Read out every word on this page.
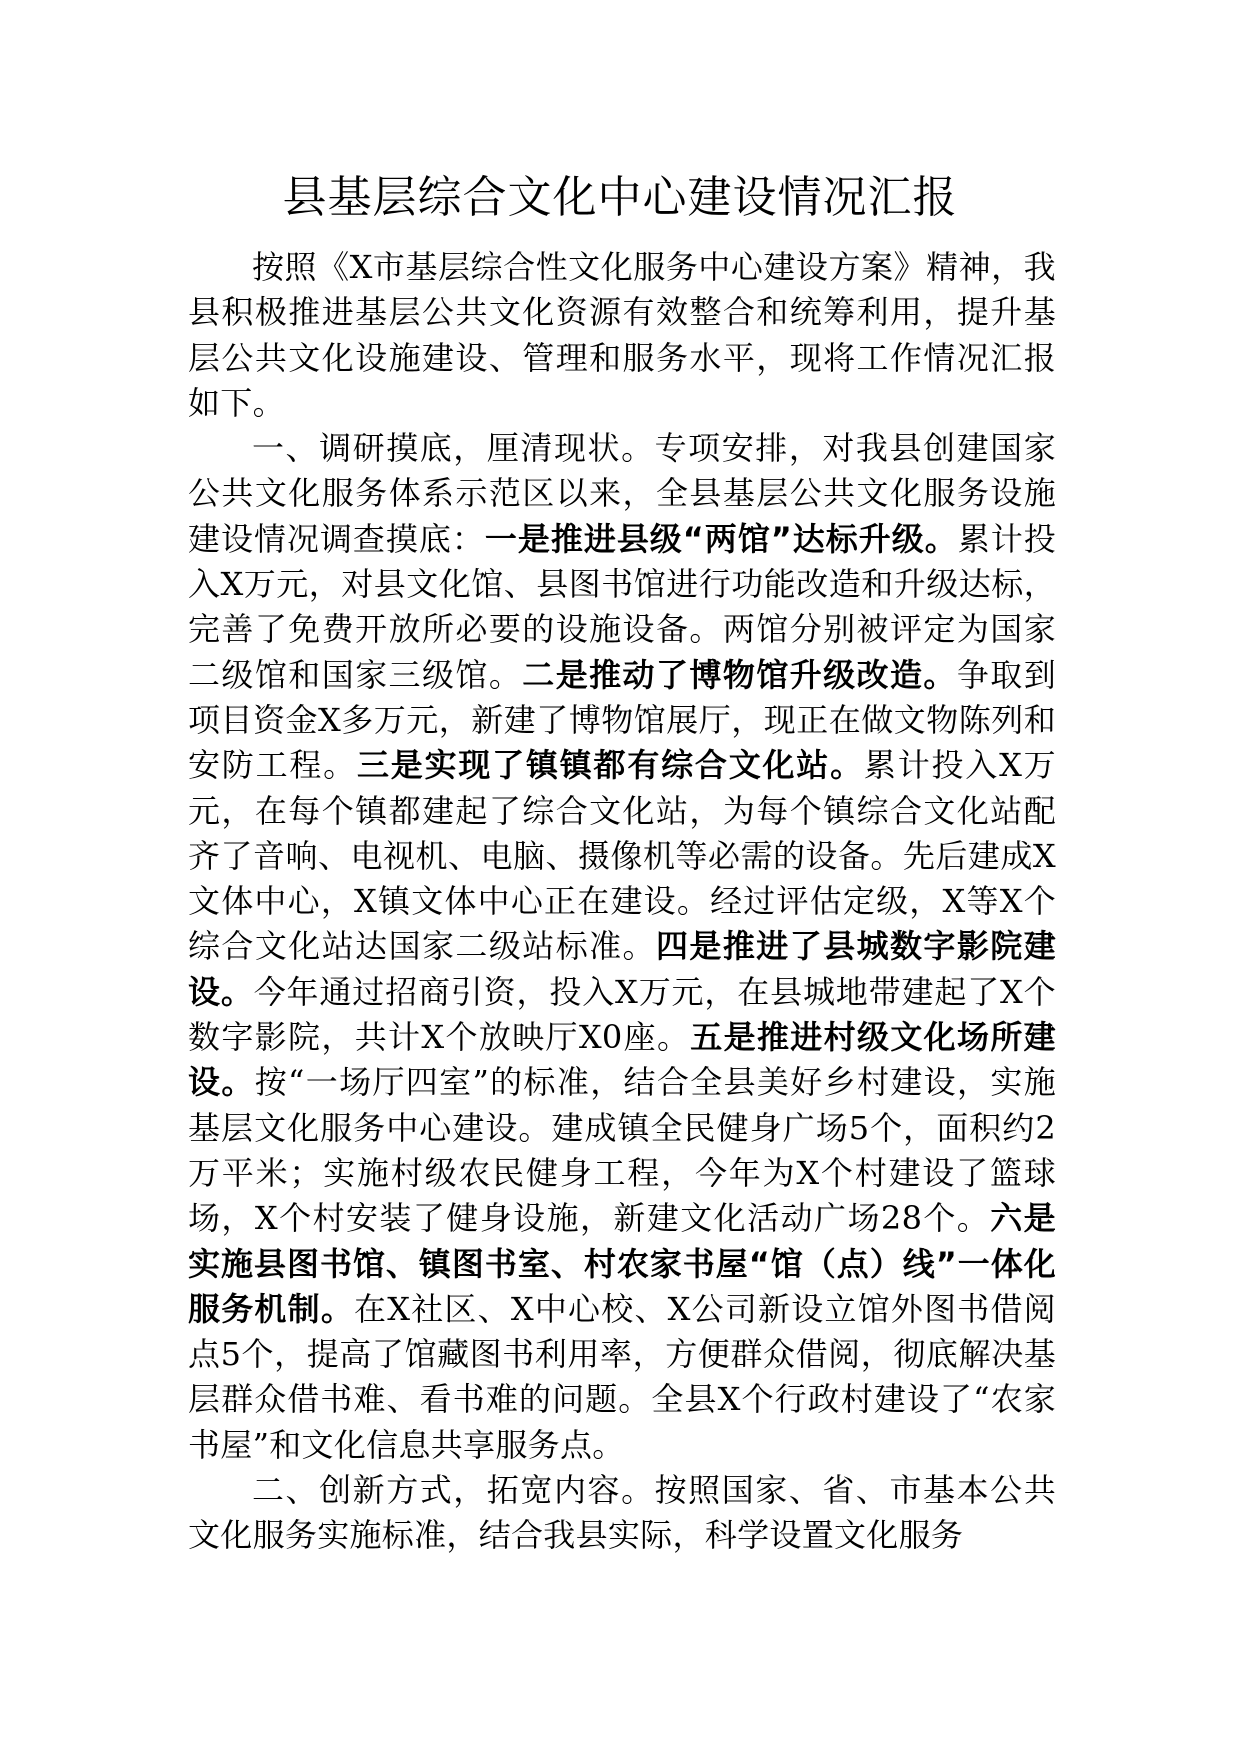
县基层综合文化中心建设情况汇报

按照《X市基层综合性文化服务中心建设方案》精神，我县积极推进基层公共文化资源有效整合和统筹利用，提升基层公共文化设施建设、管理和服务水平，现将工作情况汇报如下。

一、调研摸底，厘清现状。专项安排，对我县创建国家公共文化服务体系示范区以来，全县基层公共文化服务设施建设情况调查摸底：一是推进县级“两馆”达标升级。累计投入X万元，对县文化馆、县图书馆进行功能改造和升级达标，完善了免费开放所必要的设施设备。两馆分别被评定为国家二级馆和国家三级馆。二是推动了博物馆升级改造。争取到项目资金X多万元，新建了博物馆展厅，现正在做文物陈列和安防工程。三是实现了镇镇都有综合文化站。累计投入X万元，在每个镇都建起了综合文化站，为每个镇综合文化站配齐了音响、电视机、电脑、摄像机等必需的设备。先后建成X文体中心，X镇文体中心正在建设。经过评估定级，X等X个综合文化站达国家二级站标准。四是推进了县城数字影院建设。今年通过招商引资，投入X万元，在县城地带建起了X个数字影院，共计X个放映厅X0座。五是推进村级文化场所建设。按“一场厅四室”的标准，结合全县美好乡村建设，实施基层文化服务中心建设。建成镇全民健身广场5个，面积约2万平米；实施村级农民健身工程，今年为X个村建设了篮球场，X个村安装了健身设施，新建文化活动广场28个。六是实施县图书馆、镇图书室、村农家书屋“馆（点）线”一体化服务机制。在X社区、X中心校、X公司新设立馆外图书借阅点5个，提高了馆藏图书利用率，方便群众借阅，彻底解决基层群众借书难、看书难的问题。全县X个行政村建设了“农家书屋”和文化信息共享服务点。

二、创新方式，拓宽内容。按照国家、省、市基本公共文化服务实施标准，结合我县实际，科学设置文化服务
